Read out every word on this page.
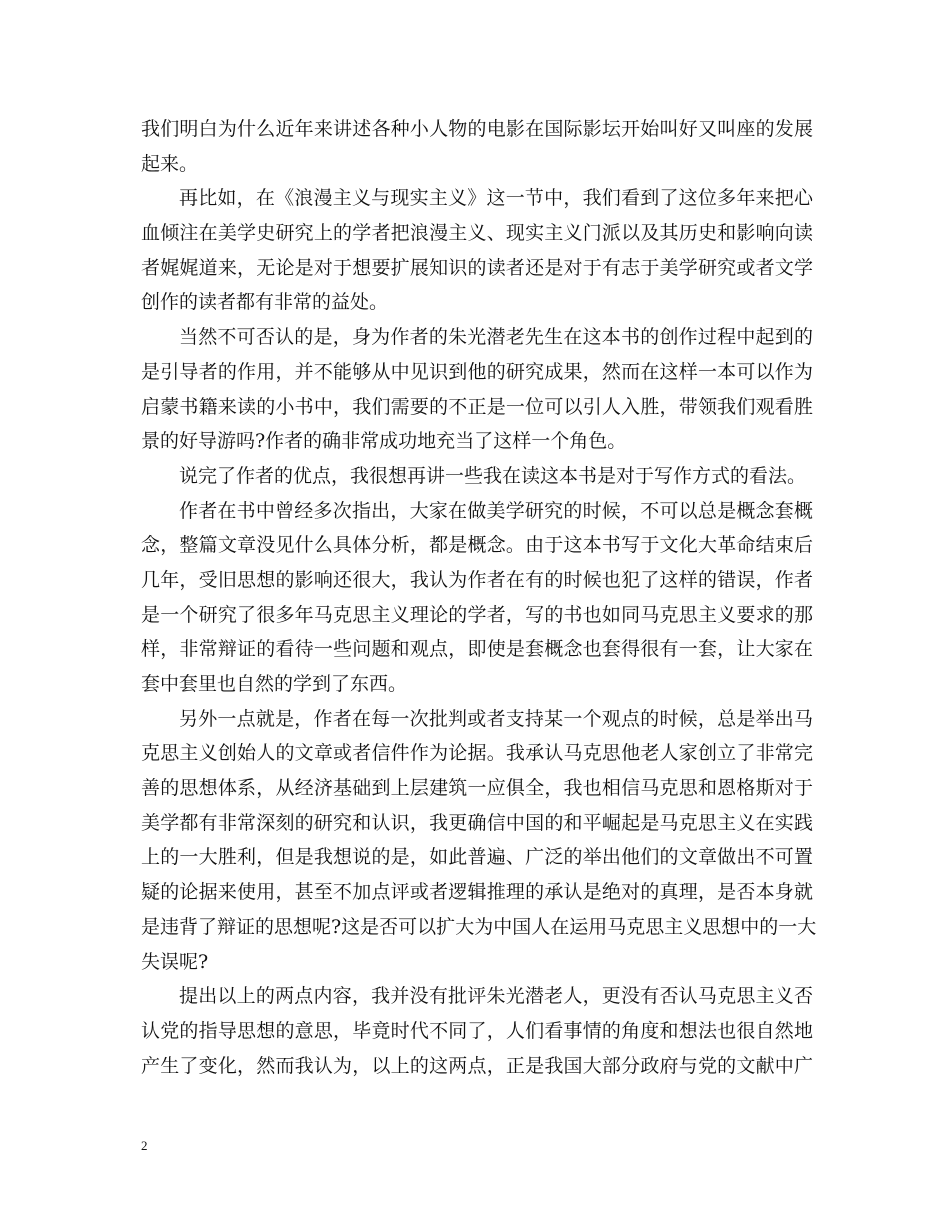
我们明白为什么近年来讲述各种小人物的电影在国际影坛开始叫好又叫座的发展
起来。
再比如，在《浪漫主义与现实主义》这一节中，我们看到了这位多年来把心
血倾注在美学史研究上的学者把浪漫主义、现实主义门派以及其历史和影响向读
者娓娓道来，无论是对于想要扩展知识的读者还是对于有志于美学研究或者文学
创作的读者都有非常的益处。
当然不可否认的是，身为作者的朱光潜老先生在这本书的创作过程中起到的
是引导者的作用，并不能够从中见识到他的研究成果，然而在这样一本可以作为
启蒙书籍来读的小书中，我们需要的不正是一位可以引人入胜，带领我们观看胜
景的好导游吗?作者的确非常成功地充当了这样一个角色。
说完了作者的优点，我很想再讲一些我在读这本书是对于写作方式的看法。
作者在书中曾经多次指出，大家在做美学研究的时候，不可以总是概念套概
念，整篇文章没见什么具体分析，都是概念。由于这本书写于文化大革命结束后
几年，受旧思想的影响还很大，我认为作者在有的时候也犯了这样的错误，作者
是一个研究了很多年马克思主义理论的学者，写的书也如同马克思主义要求的那
样，非常辩证的看待一些问题和观点，即使是套概念也套得很有一套，让大家在
套中套里也自然的学到了东西。
另外一点就是，作者在每一次批判或者支持某一个观点的时候，总是举出马
克思主义创始人的文章或者信件作为论据。我承认马克思他老人家创立了非常完
善的思想体系，从经济基础到上层建筑一应俱全，我也相信马克思和恩格斯对于
美学都有非常深刻的研究和认识，我更确信中国的和平崛起是马克思主义在实践
上的一大胜利，但是我想说的是，如此普遍、广泛的举出他们的文章做出不可置
疑的论据来使用，甚至不加点评或者逻辑推理的承认是绝对的真理，是否本身就
是违背了辩证的思想呢?这是否可以扩大为中国人在运用马克思主义思想中的一大
失误呢?
提出以上的两点内容，我并没有批评朱光潜老人，更没有否认马克思主义否
认党的指导思想的意思，毕竟时代不同了，人们看事情的角度和想法也很自然地
产生了变化，然而我认为，以上的这两点，正是我国大部分政府与党的文献中广
2
